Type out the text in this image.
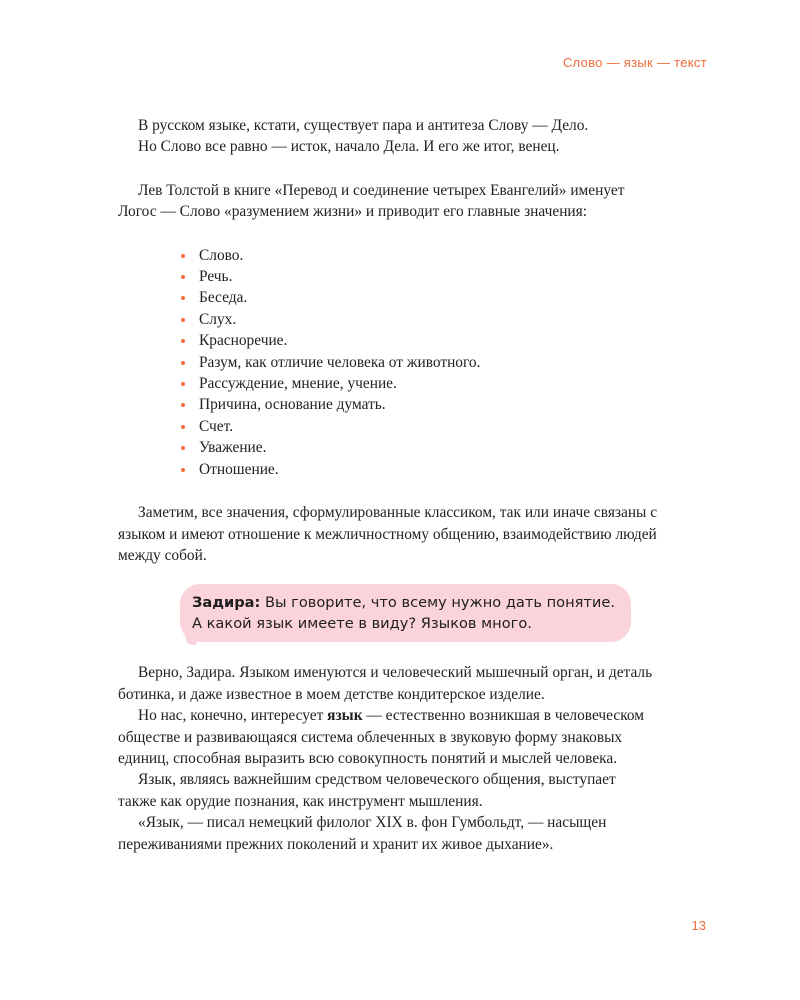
Слово — язык — текст

В русском языке, кстати, существует пара и антитеза Слову — Дело.

Но Слово все равно — исток, начало Дела. И его же итог, венец.

Лев Толстой в книге «Перевод и соединение четырех Евангелий» именует Логос — Слово «разумением жизни» и приводит его главные значения:

Слово.
Речь.
Беседа.
Слух.
Красноречие.
Разум, как отличие человека от животного.
Рассуждение, мнение, учение.
Причина, основание думать.
Счет.
Уважение.
Отношение.

Заметим, все значения, сформулированные классиком, так или иначе связаны с языком и имеют отношение к межличностному общению, взаимодействию людей между собой.

Задира: Вы говорите, что всему нужно дать понятие.
А какой язык имеете в виду? Языков много.

Верно, Задира. Языком именуются и человеческий мышечный орган, и деталь ботинка, и даже известное в моем детстве кондитерское изделие.

Но нас, конечно, интересует язык — естественно возникшая в человеческом обществе и развивающаяся система облеченных в звуковую форму знаковых единиц, способная выразить всю совокупность понятий и мыслей человека.

Язык, являясь важнейшим средством человеческого общения, выступает также как орудие познания, как инструмент мышления.

«Язык, — писал немецкий филолог XIX в. фон Гумбольдт, — насыщен переживаниями прежних поколений и хранит их живое дыхание».

13
